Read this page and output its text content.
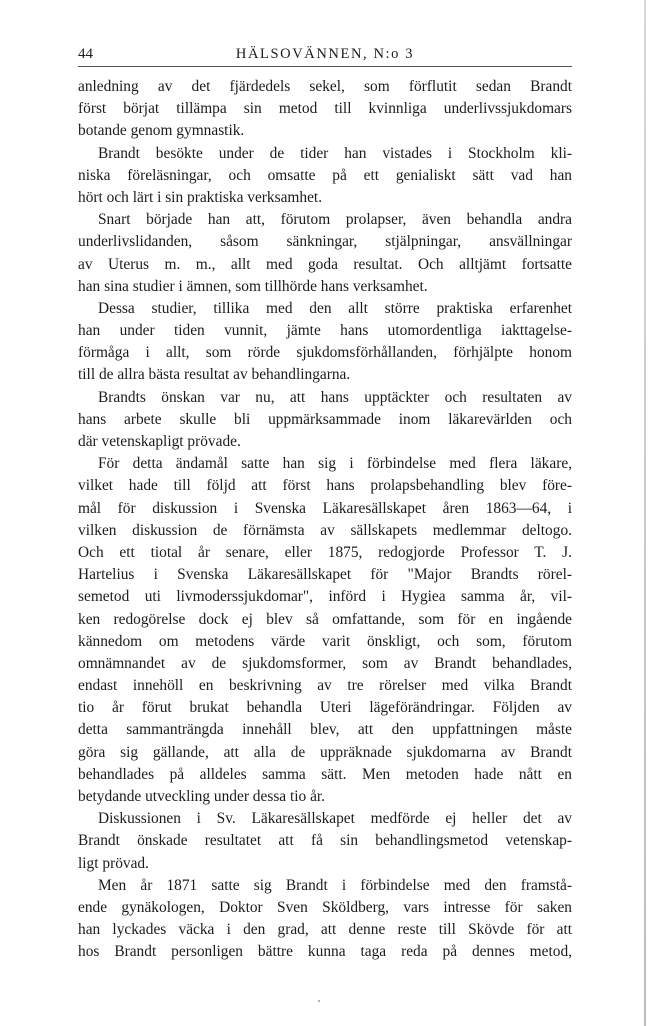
44	HÄLSOVÄNNEN, N:o 3
anledning av det fjärdedels sekel, som förflutit sedan Brandt
först börjat tillämpa sin metod till kvinnliga underlivssjukdomars
botande genom gymnastik.
Brandt besökte under de tider han vistades i Stockholm kli-
niska föreläsningar, och omsatte på ett genialiskt sätt vad han
hört och lärt i sin praktiska verksamhet.
Snart började han att, förutom prolapser, även behandla andra
underlivslidanden, såsom sänkningar, stjälpningar, ansvällningar
av Uterus m. m., allt med goda resultat. Och alltjämt fortsatte
han sina studier i ämnen, som tillhörde hans verksamhet.
Dessa studier, tillika med den allt större praktiska erfarenhet
han under tiden vunnit, jämte hans utomordentliga iakttagelse-
förmåga i allt, som rörde sjukdomsförhållanden, förhjälpte honom
till de allra bästa resultat av behandlingarna.
Brandts önskan var nu, att hans upptäckter och resultaten av
hans arbete skulle bli uppmärksammade inom läkarevärlden och
där vetenskapligt prövade.
För detta ändamål satte han sig i förbindelse med flera läkare,
vilket hade till följd att först hans prolapsbehandling blev före-
mål för diskussion i Svenska Läkaresällskapet åren 1863—64, i
vilken diskussion de förnämsta av sällskapets medlemmar deltogo.
Och ett tiotal år senare, eller 1875, redogjorde Professor T. J.
Hartelius i Svenska Läkaresällskapet för "Major Brandts rörel-
semetod uti livmoderssjukdomar", införd i Hygiea samma år, vil-
ken redogörelse dock ej blev så omfattande, som för en ingående
kännedom om metodens värde varit önskligt, och som, förutom
omnämnandet av de sjukdomsformer, som av Brandt behandlades,
endast innehöll en beskrivning av tre rörelser med vilka Brandt
tio år förut brukat behandla Uteri lägeförändringar. Följden av
detta sammanträngda innehåll blev, att den uppfattningen måste
göra sig gällande, att alla de uppräknade sjukdomarna av Brandt
behandlades på alldeles samma sätt. Men metoden hade nått en
betydande utveckling under dessa tio år.
Diskussionen i Sv. Läkaresällskapet medförde ej heller det av
Brandt önskade resultatet att få sin behandlingsmetod vetenskap-
ligt prövad.
Men år 1871 satte sig Brandt i förbindelse med den framstå-
ende gynäkologen, Doktor Sven Sköldberg, vars intresse för saken
han lyckades väcka i den grad, att denne reste till Skövde för att
hos Brandt personligen bättre kunna taga reda på dennes metod,
